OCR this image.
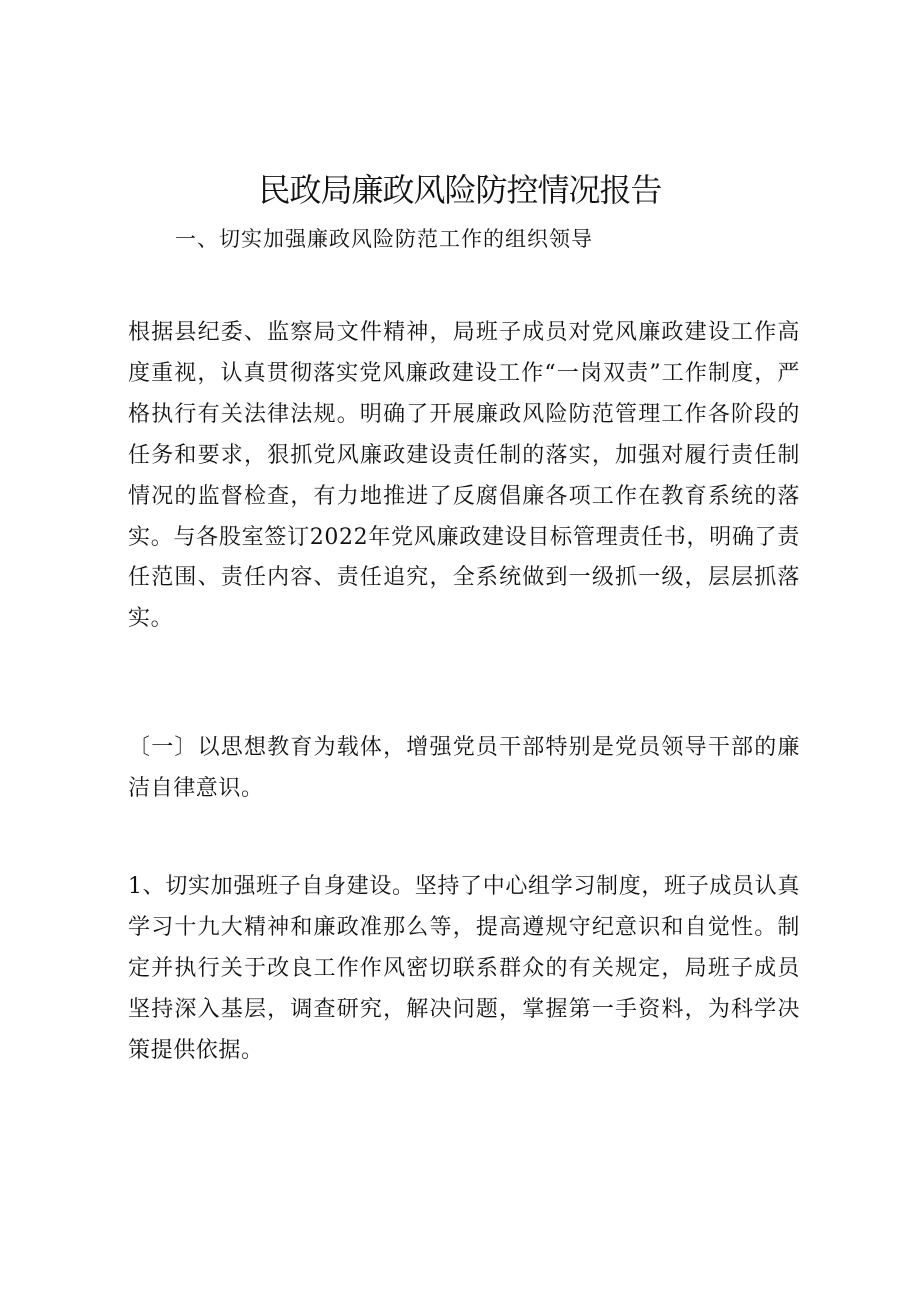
民政局廉政风险防控情况报告
一、切实加强廉政风险防范工作的组织领导

根据县纪委、监察局文件精神，局班子成员对党风廉政建设工作高度重视，认真贯彻落实党风廉政建设工作“一岗双责”工作制度，严格执行有关法律法规。明确了开展廉政风险防范管理工作各阶段的任务和要求，狠抓党风廉政建设责任制的落实，加强对履行责任制情况的监督检查，有力地推进了反腐倡廉各项工作在教育系统的落实。与各股室签订2022年党风廉政建设目标管理责任书，明确了责任范围、责任内容、责任追究，全系统做到一级抓一级，层层抓落实。

〔一〕以思想教育为载体，增强党员干部特别是党员领导干部的廉洁自律意识。

1、切实加强班子自身建设。坚持了中心组学习制度，班子成员认真学习十九大精神和廉政准那么等，提高遵规守纪意识和自觉性。制定并执行关于改良工作作风密切联系群众的有关规定，局班子成员坚持深入基层，调查研究，解决问题，掌握第一手资料，为科学决策提供依据。
